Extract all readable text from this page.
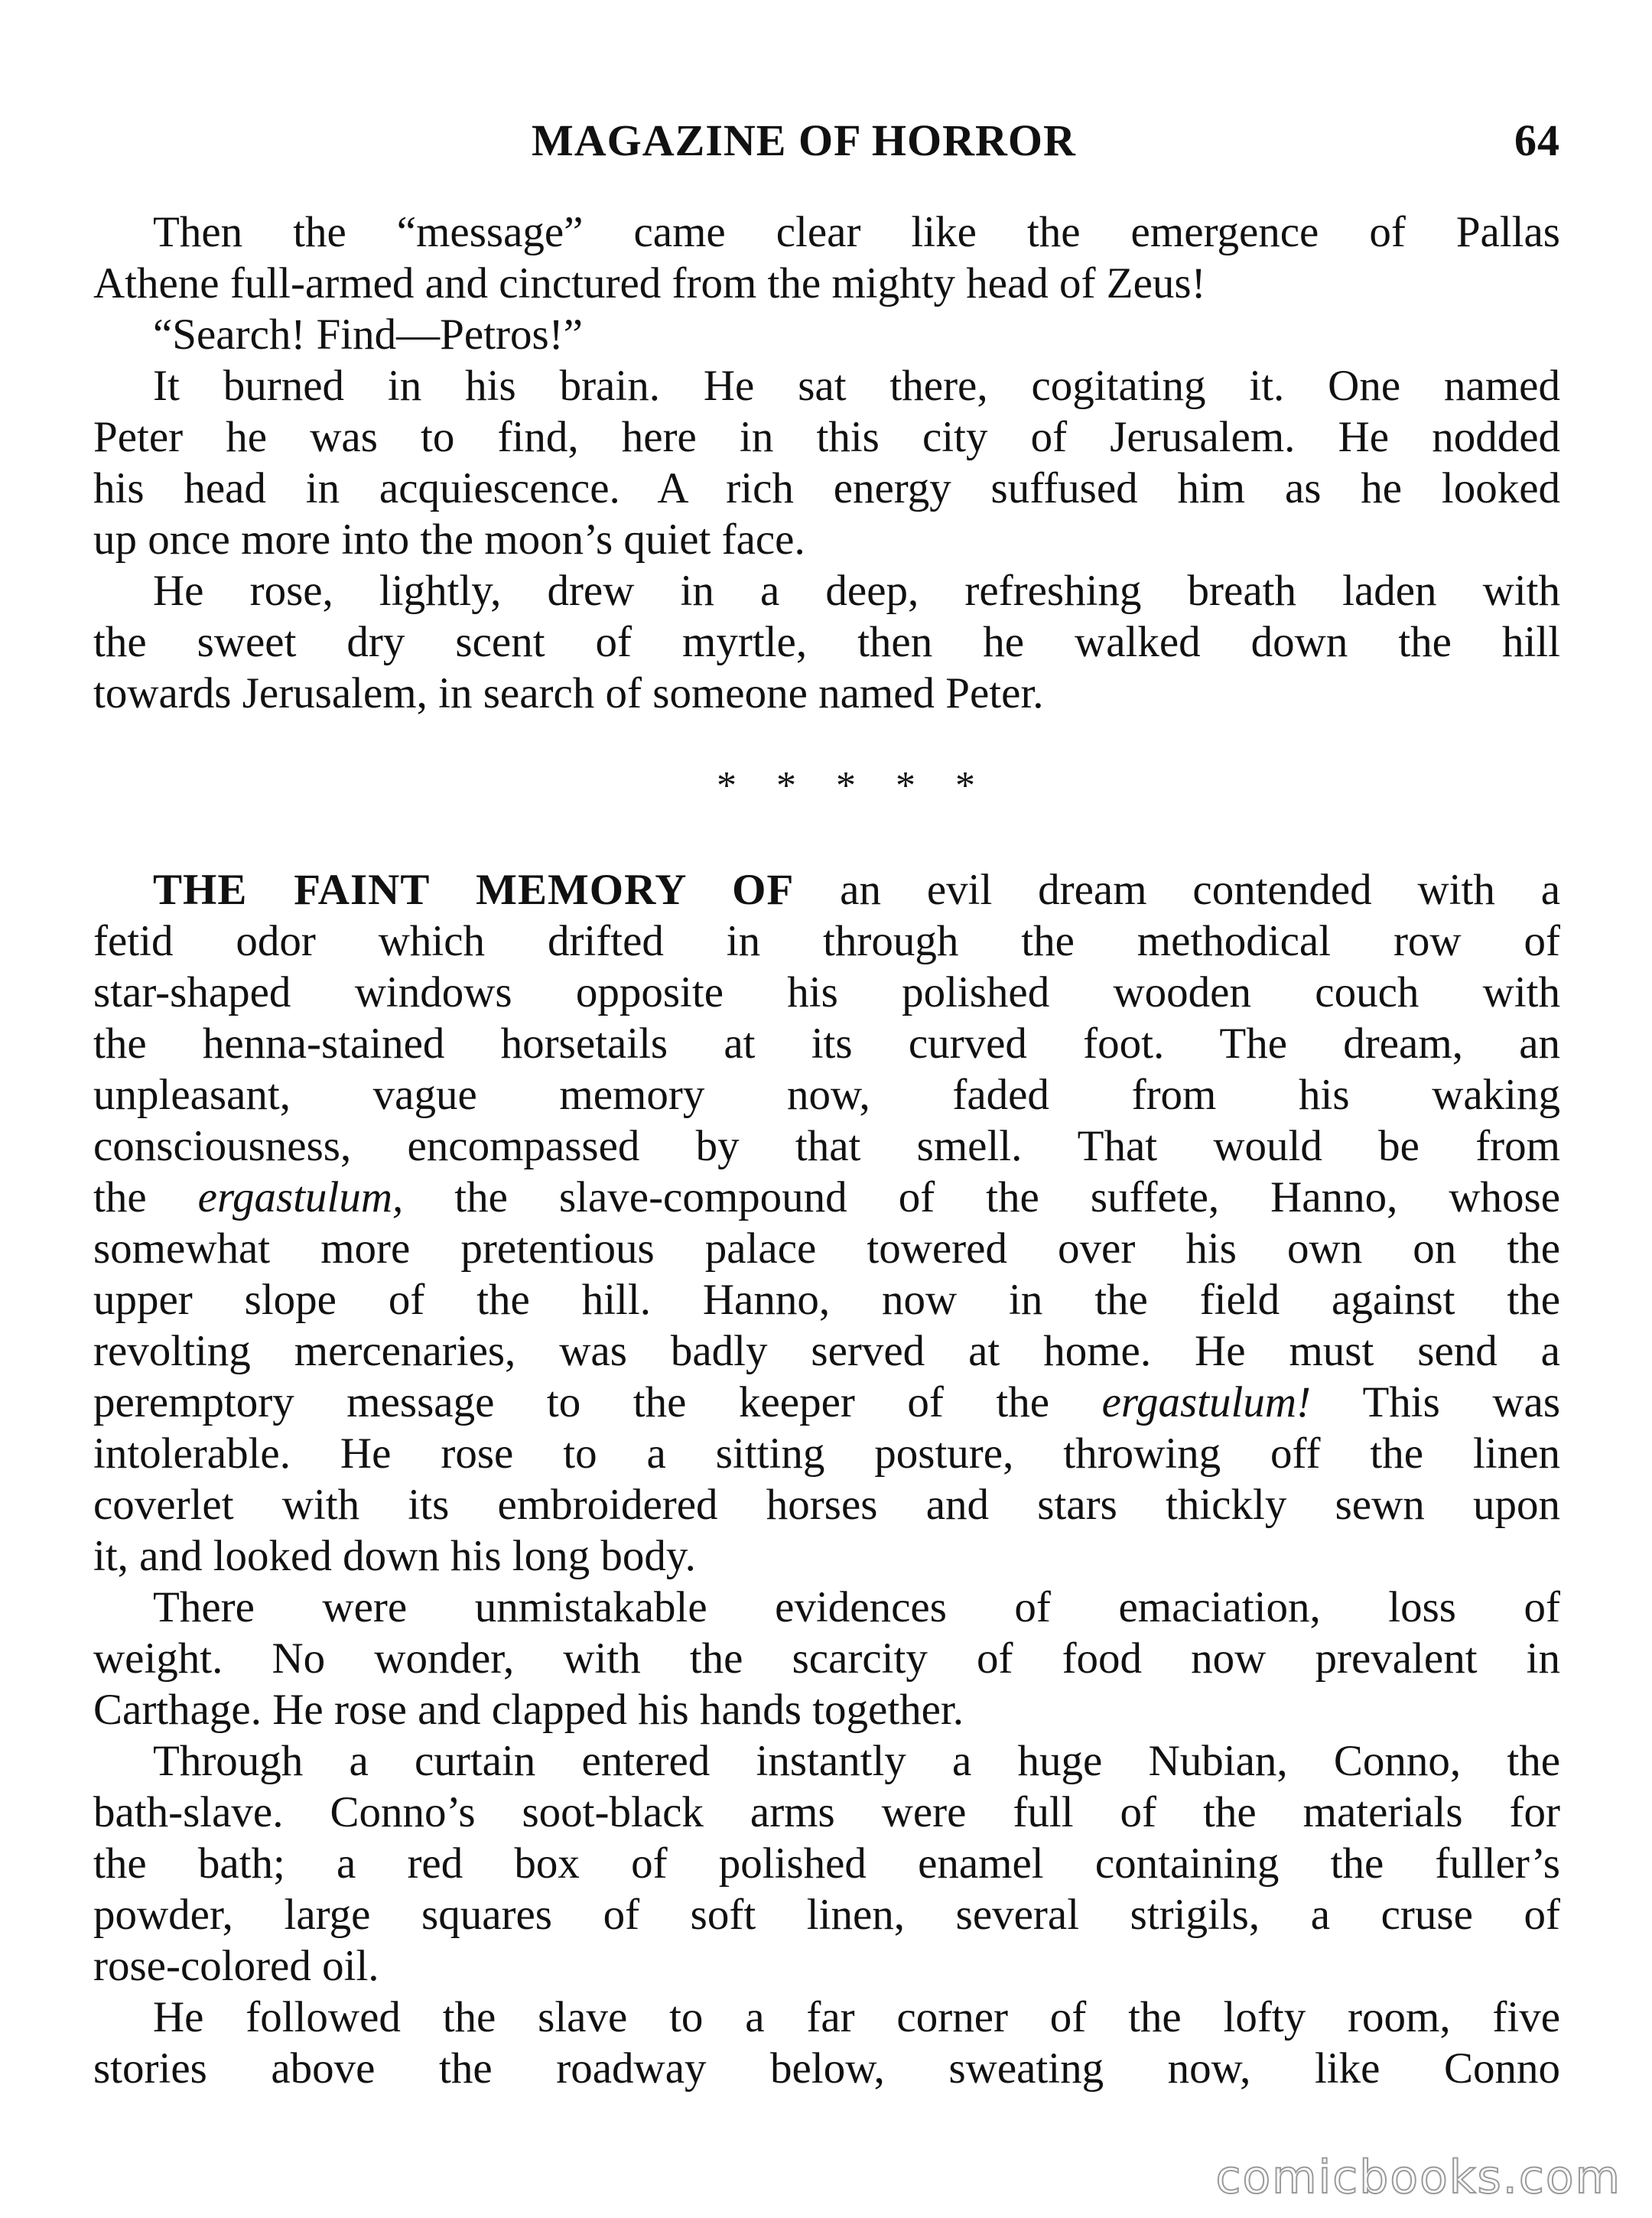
MAGAZINE OF HORROR	64

Then the “message” came clear like the emergence of Pallas
Athene full-armed and cinctured from the mighty head of Zeus!

“Search! Find—Petros!”

It burned in his brain. He sat there, cogitating it. One named
Peter he was to find, here in this city of Jerusalem. He nodded
his head in acquiescence. A rich energy suffused him as he looked
up once more into the moon’s quiet face.

He rose, lightly, drew in a deep, refreshing breath laden with
the sweet dry scent of myrtle, then he walked down the hill
towards Jerusalem, in search of someone named Peter.

*****

THE FAINT MEMORY OF an evil dream contended with a
fetid odor which drifted in through the methodical row of
star-shaped windows opposite his polished wooden couch with
the henna-stained horsetails at its curved foot. The dream, an
unpleasant, vague memory now, faded from his waking
consciousness, encompassed by that smell. That would be from
the ergastulum, the slave-compound of the suffete, Hanno, whose
somewhat more pretentious palace towered over his own on the
upper slope of the hill. Hanno, now in the field against the
revolting mercenaries, was badly served at home. He must send a
peremptory message to the keeper of the ergastulum! This was
intolerable. He rose to a sitting posture, throwing off the linen
coverlet with its embroidered horses and stars thickly sewn upon
it, and looked down his long body.

There were unmistakable evidences of emaciation, loss of
weight. No wonder, with the scarcity of food now prevalent in
Carthage. He rose and clapped his hands together.

Through a curtain entered instantly a huge Nubian, Conno, the
bath-slave. Conno’s soot-black arms were full of the materials for
the bath; a red box of polished enamel containing the fuller’s
powder, large squares of soft linen, several strigils, a cruse of
rose-colored oil.

He followed the slave to a far corner of the lofty room, five
stories above the roadway below, sweating now, like Conno

comicbooks.com
